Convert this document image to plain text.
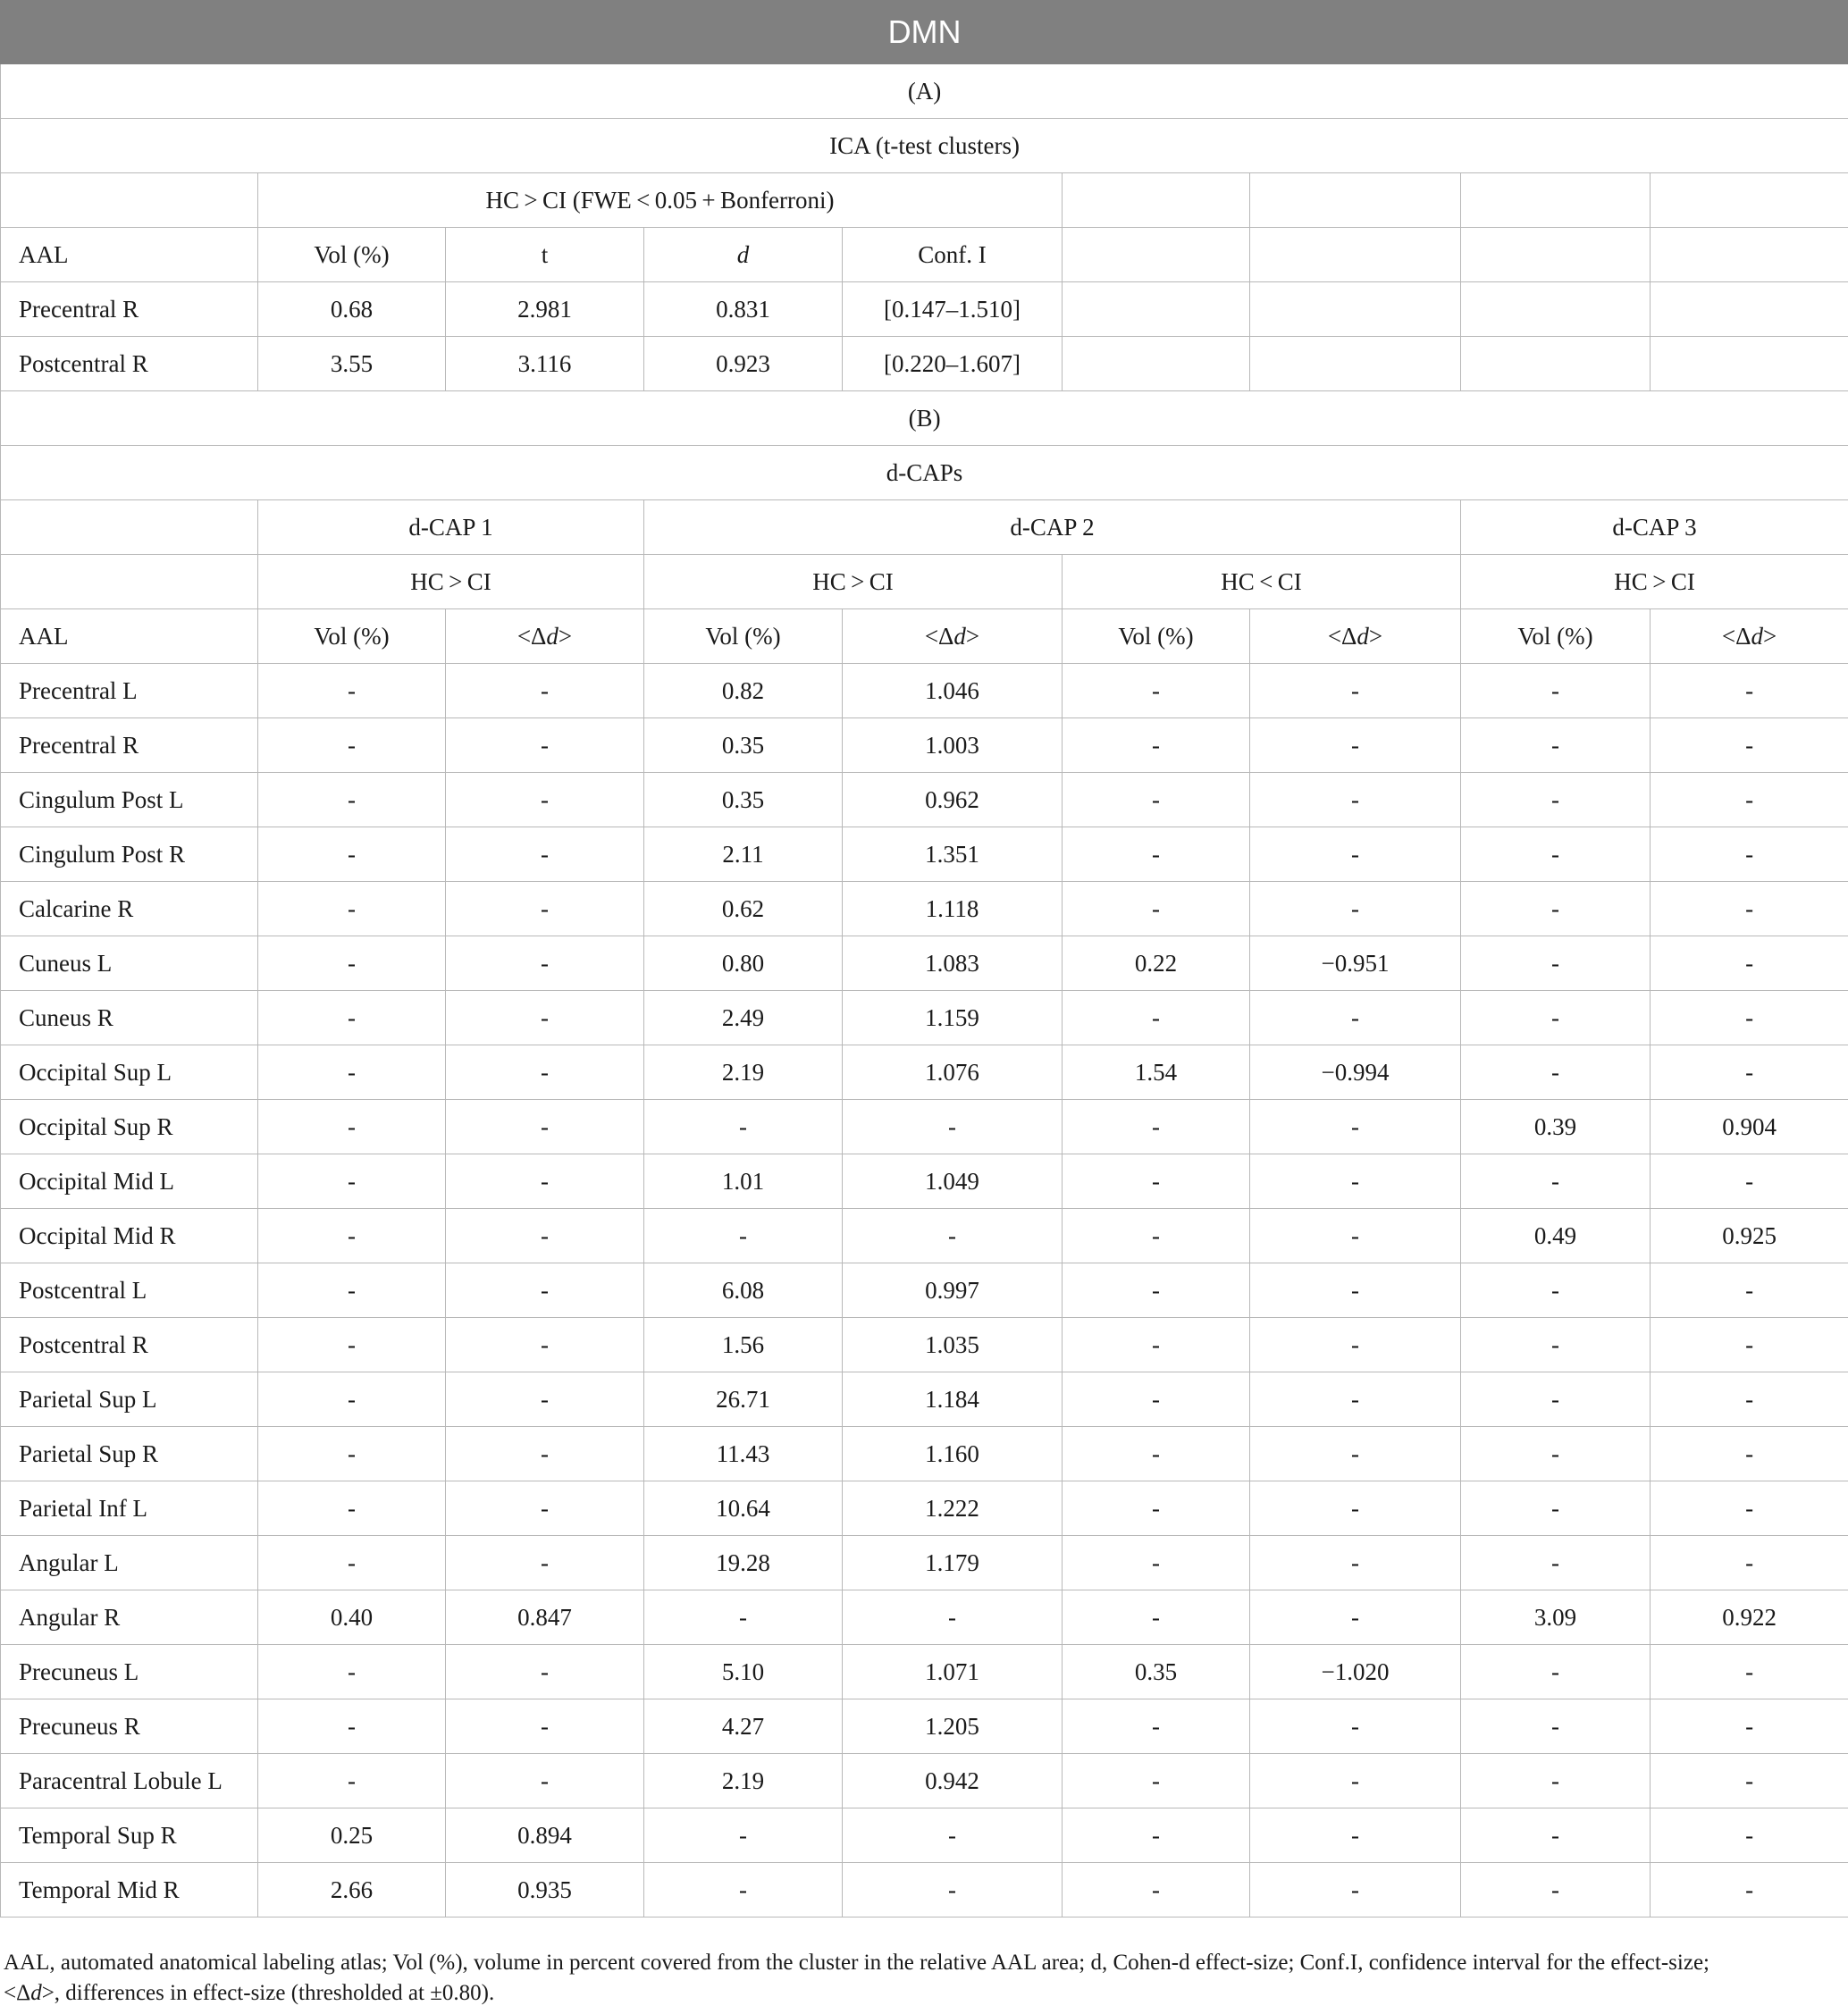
DMN								
(A)								
ICA (t-test clusters)								
	HC > CI (FWE < 0.05 + Bonferroni)							
AAL	Vol (%)	t	d	Conf. I				
Precentral R	0.68	2.981	0.831	[0.147–1.510]				
Postcentral R	3.55	3.116	0.923	[0.220–1.607]				
(B)								
d-CAPs								
	d-CAP 1		d-CAP 2				d-CAP 3	
	HC > CI		HC > CI		HC < CI		HC > CI	
AAL	Vol (%)	<Δd>	Vol (%)	<Δd>	Vol (%)	<Δd>	Vol (%)	<Δd>
Precentral L	-	-	0.82	1.046	-	-	-	-
Precentral R	-	-	0.35	1.003	-	-	-	-
Cingulum Post L	-	-	0.35	0.962	-	-	-	-
Cingulum Post R	-	-	2.11	1.351	-	-	-	-
Calcarine R	-	-	0.62	1.118	-	-	-	-
Cuneus L	-	-	0.80	1.083	0.22	−0.951	-	-
Cuneus R	-	-	2.49	1.159	-	-	-	-
Occipital Sup L	-	-	2.19	1.076	1.54	−0.994	-	-
Occipital Sup R	-	-	-	-	-	-	0.39	0.904
Occipital Mid L	-	-	1.01	1.049	-	-	-	-
Occipital Mid R	-	-	-	-	-	-	0.49	0.925
Postcentral L	-	-	6.08	0.997	-	-	-	-
Postcentral R	-	-	1.56	1.035	-	-	-	-
Parietal Sup L	-	-	26.71	1.184	-	-	-	-
Parietal Sup R	-	-	11.43	1.160	-	-	-	-
Parietal Inf L	-	-	10.64	1.222	-	-	-	-
Angular L	-	-	19.28	1.179	-	-	-	-
Angular R	0.40	0.847	-	-	-	-	3.09	0.922
Precuneus L	-	-	5.10	1.071	0.35	−1.020	-	-
Precuneus R	-	-	4.27	1.205	-	-	-	-
Paracentral Lobule L	-	-	2.19	0.942	-	-	-	-
Temporal Sup R	0.25	0.894	-	-	-	-	-	-
Temporal Mid R	2.66	0.935	-	-	-	-	-	-
AAL, automated anatomical labeling atlas; Vol (%), volume in percent covered from the cluster in the relative AAL area; d, Cohen-d effect-size; Conf.I, confidence interval for the effect-size;
<Δd>, differences in effect-size (thresholded at ±0.80).
